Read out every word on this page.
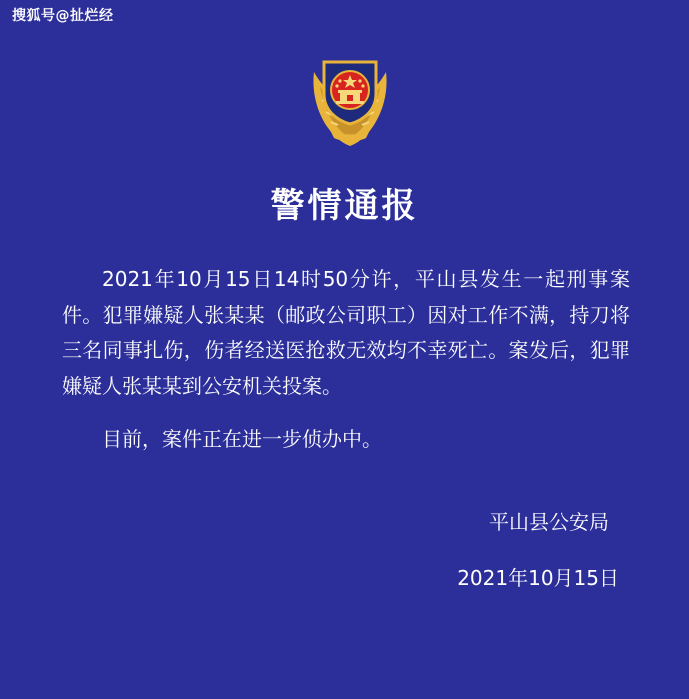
搜狐号@扯烂经
警情通报

2021年10月15日14时50分许，平山县发生一起刑事案件。犯罪嫌疑人张某某（邮政公司职工）因对工作不满，持刀将三名同事扎伤，伤者经送医抢救无效均不幸死亡。案发后，犯罪嫌疑人张某某到公安机关投案。

目前，案件正在进一步侦办中。

平山县公安局
2021年10月15日
